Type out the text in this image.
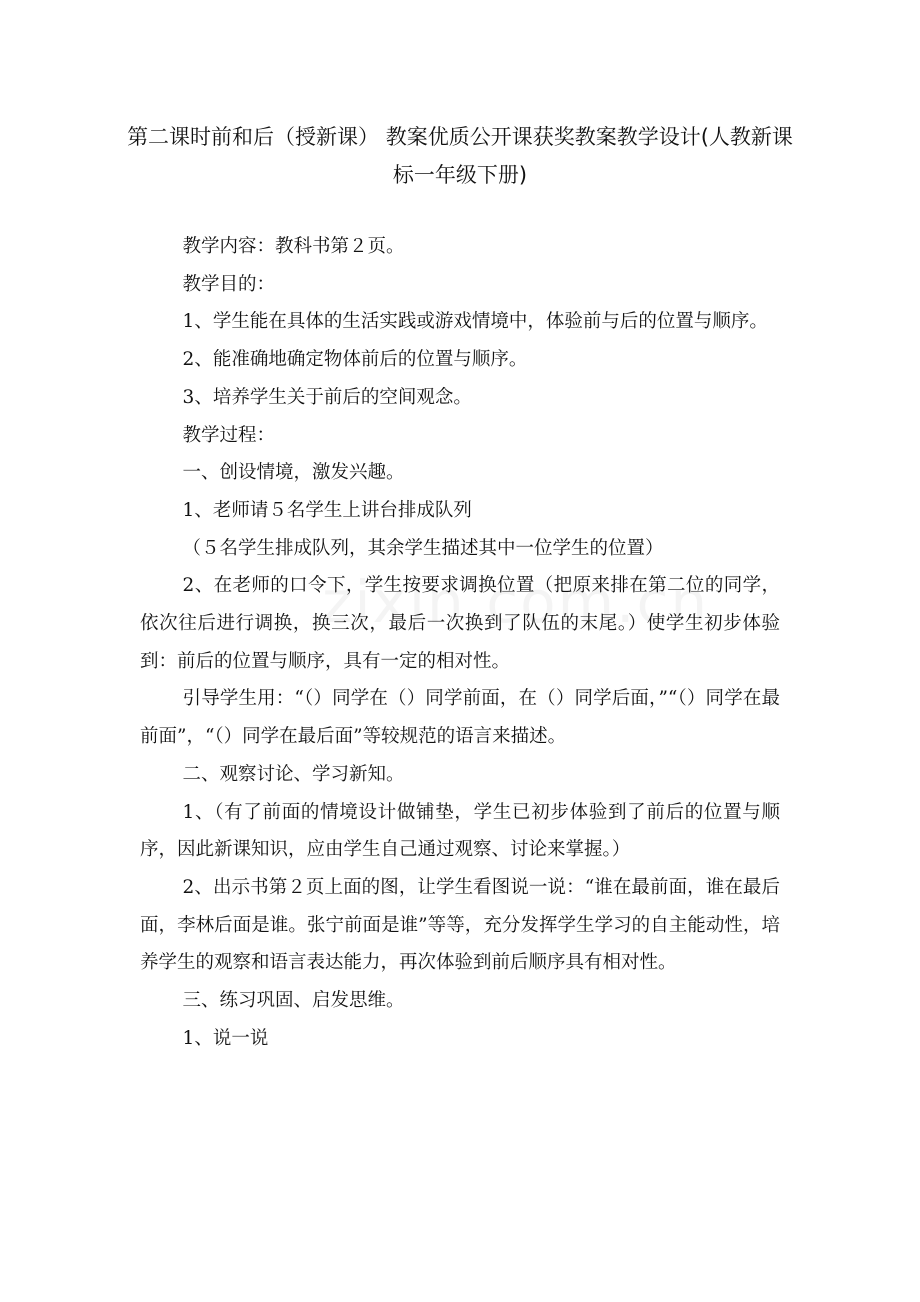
第二课时前和后（授新课） 教案优质公开课获奖教案教学设计(人教新课标一年级下册)

教学内容：教科书第２页。

教学目的：

1、学生能在具体的生活实践或游戏情境中，体验前与后的位置与顺序。

2、能准确地确定物体前后的位置与顺序。

3、培养学生关于前后的空间观念。

教学过程：

一、创设情境，激发兴趣。

1、老师请５名学生上讲台排成队列

（５名学生排成队列，其余学生描述其中一位学生的位置）

2、在老师的口令下，学生按要求调换位置（把原来排在第二位的同学，依次往后进行调换，换三次，最后一次换到了队伍的末尾。）使学生初步体验到：前后的位置与顺序，具有一定的相对性。

引导学生用：“（）同学在（）同学前面，在（）同学后面，”“（）同学在最前面”，“（）同学在最后面”等较规范的语言来描述。

二、观察讨论、学习新知。

1、（有了前面的情境设计做铺垫，学生已初步体验到了前后的位置与顺序，因此新课知识，应由学生自己通过观察、讨论来掌握。）

2、出示书第２页上面的图，让学生看图说一说：“谁在最前面，谁在最后面，李林后面是谁。张宁前面是谁”等等，充分发挥学生学习的自主能动性，培养学生的观察和语言表达能力，再次体验到前后顺序具有相对性。

三、练习巩固、启发思维。

1、说一说
